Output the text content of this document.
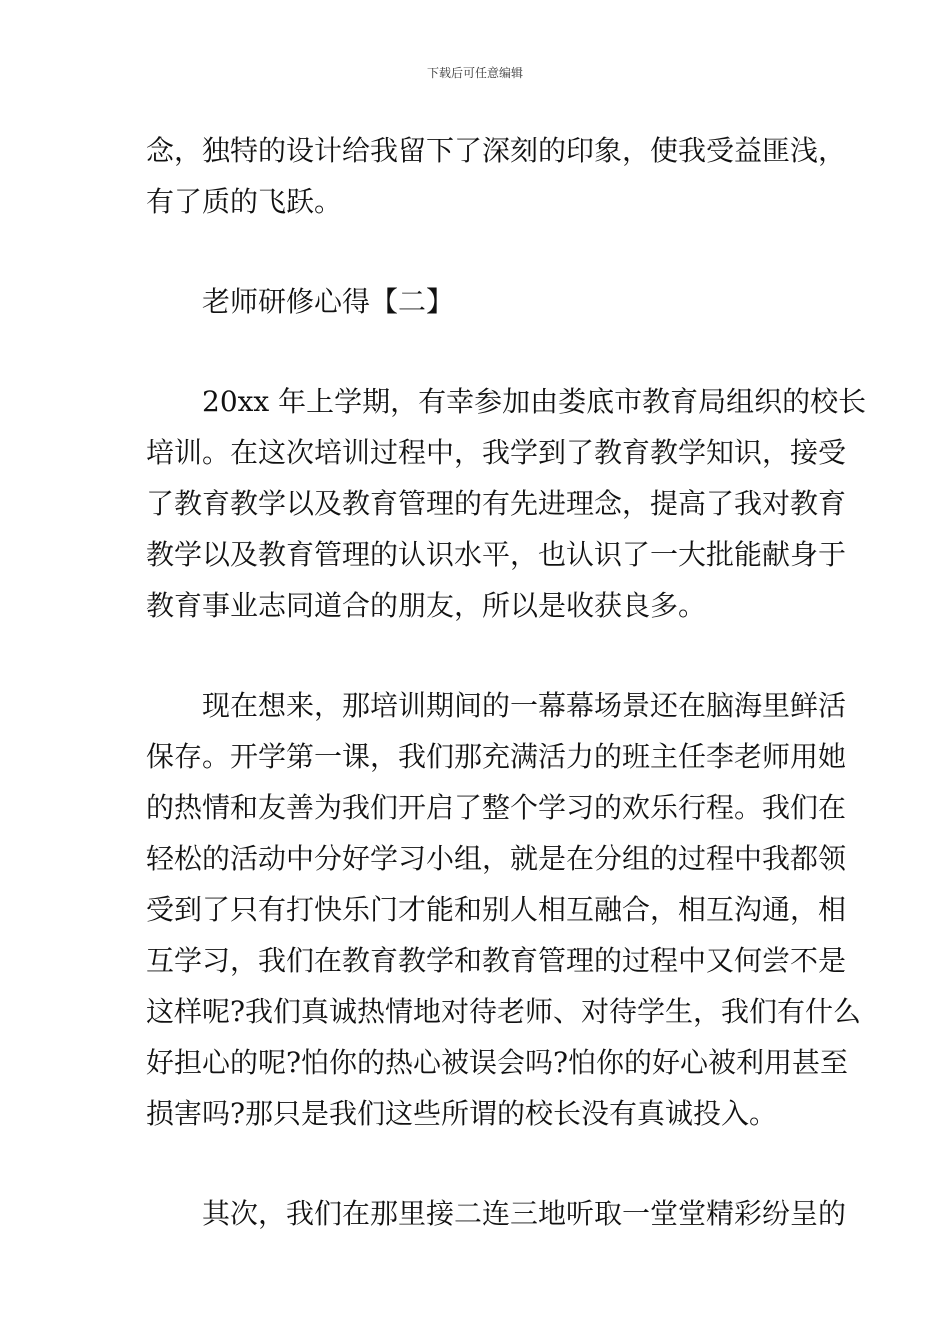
下载后可任意编辑
念，独特的设计给我留下了深刻的印象，使我受益匪浅，
有了质的飞跃。
老师研修心得【二】
20xx 年上学期，有幸参加由娄底市教育局组织的校长
培训。在这次培训过程中，我学到了教育教学知识，接受
了教育教学以及教育管理的有先进理念，提高了我对教育
教学以及教育管理的认识水平，也认识了一大批能献身于
教育事业志同道合的朋友，所以是收获良多。
现在想来，那培训期间的一幕幕场景还在脑海里鲜活
保存。开学第一课，我们那充满活力的班主任李老师用她
的热情和友善为我们开启了整个学习的欢乐行程。我们在
轻松的活动中分好学习小组，就是在分组的过程中我都领
受到了只有打快乐门才能和别人相互融合，相互沟通，相
互学习，我们在教育教学和教育管理的过程中又何尝不是
这样呢?我们真诚热情地对待老师、对待学生，我们有什么
好担心的呢?怕你的热心被误会吗?怕你的好心被利用甚至
损害吗?那只是我们这些所谓的校长没有真诚投入。
其次，我们在那里接二连三地听取一堂堂精彩纷呈的
